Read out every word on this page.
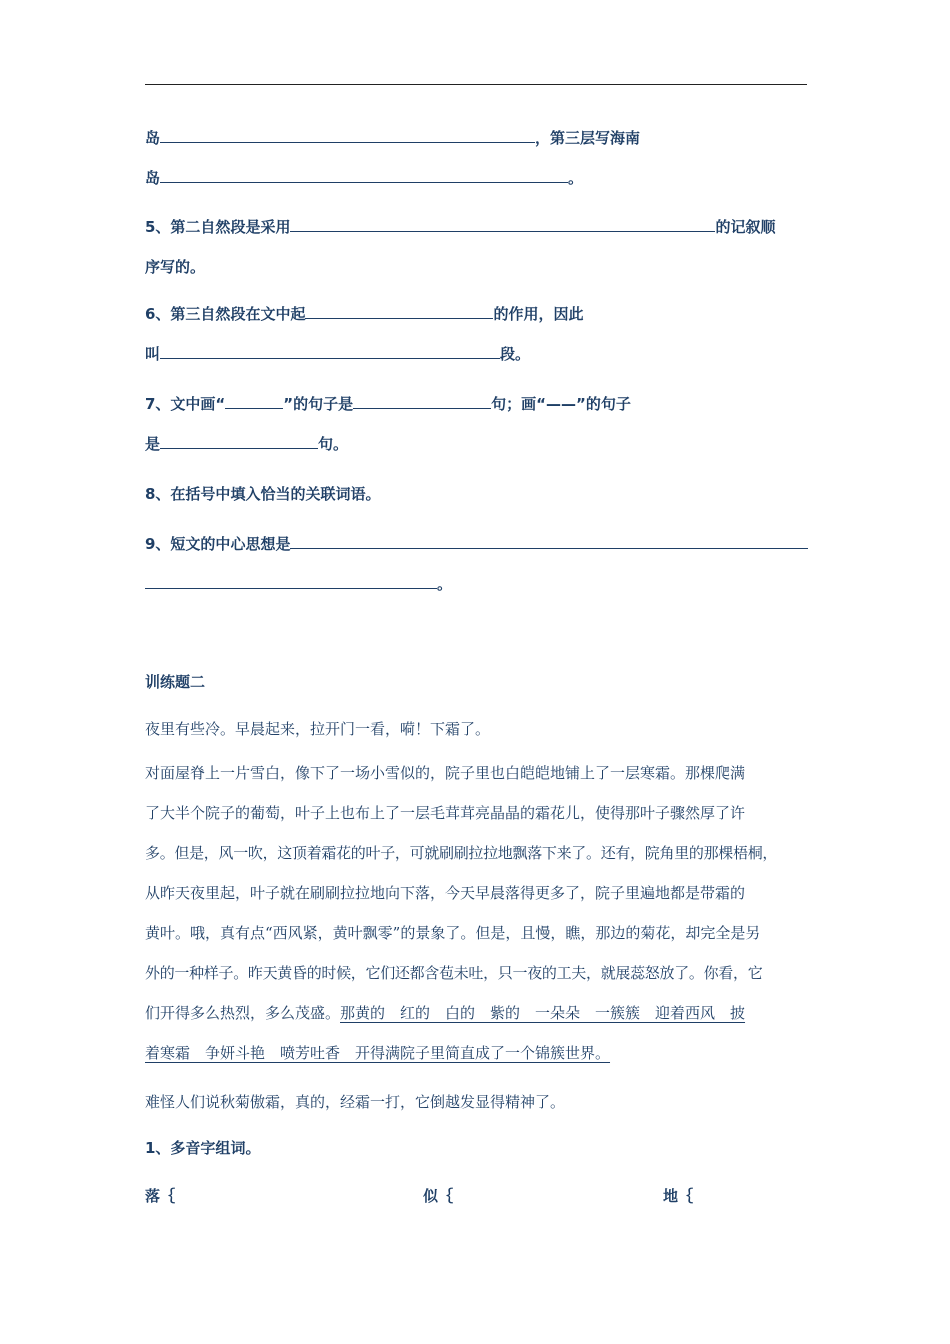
岛	，第三层写海南
岛	。
5、第二自然段是采用	的记叙顺
序写的。
6、第三自然段在文中起	的作用，因此
叫	段。
7、文中画“	”的句子是	句；画“——”的句子
是	句。
8、在括号中填入恰当的关联词语。
9、短文的中心思想是
。
训练题二
夜里有些冷。早晨起来，拉开门一看，嗬！下霜了。
对面屋脊上一片雪白，像下了一场小雪似的，院子里也白皑皑地铺上了一层寒霜。那棵爬满
了大半个院子的葡萄，叶子上也布上了一层毛茸茸亮晶晶的霜花儿，使得那叶子骤然厚了许
多。但是，风一吹，这顶着霜花的叶子，可就刷刷拉拉地飘落下来了。还有，院角里的那棵梧桐，
从昨天夜里起，叶子就在刷刷拉拉地向下落，今天早晨落得更多了，院子里遍地都是带霜的
黄叶。哦，真有点“西风紧，黄叶飘零”的景象了。但是，且慢，瞧，那边的菊花，却完全是另
外的一种样子。昨天黄昏的时候，它们还都含苞未吐，只一夜的工夫，就展蕊怒放了。你看，它
们开得多么热烈，多么茂盛。那黄的　红的　白的　紫的　一朵朵　一簇簇　迎着西风　披
着寒霜　争妍斗艳　喷芳吐香　开得满院子里简直成了一个锦簇世界。
难怪人们说秋菊傲霜，真的，经霜一打，它倒越发显得精神了。
1、多音字组词。
落｛	似｛	地｛
